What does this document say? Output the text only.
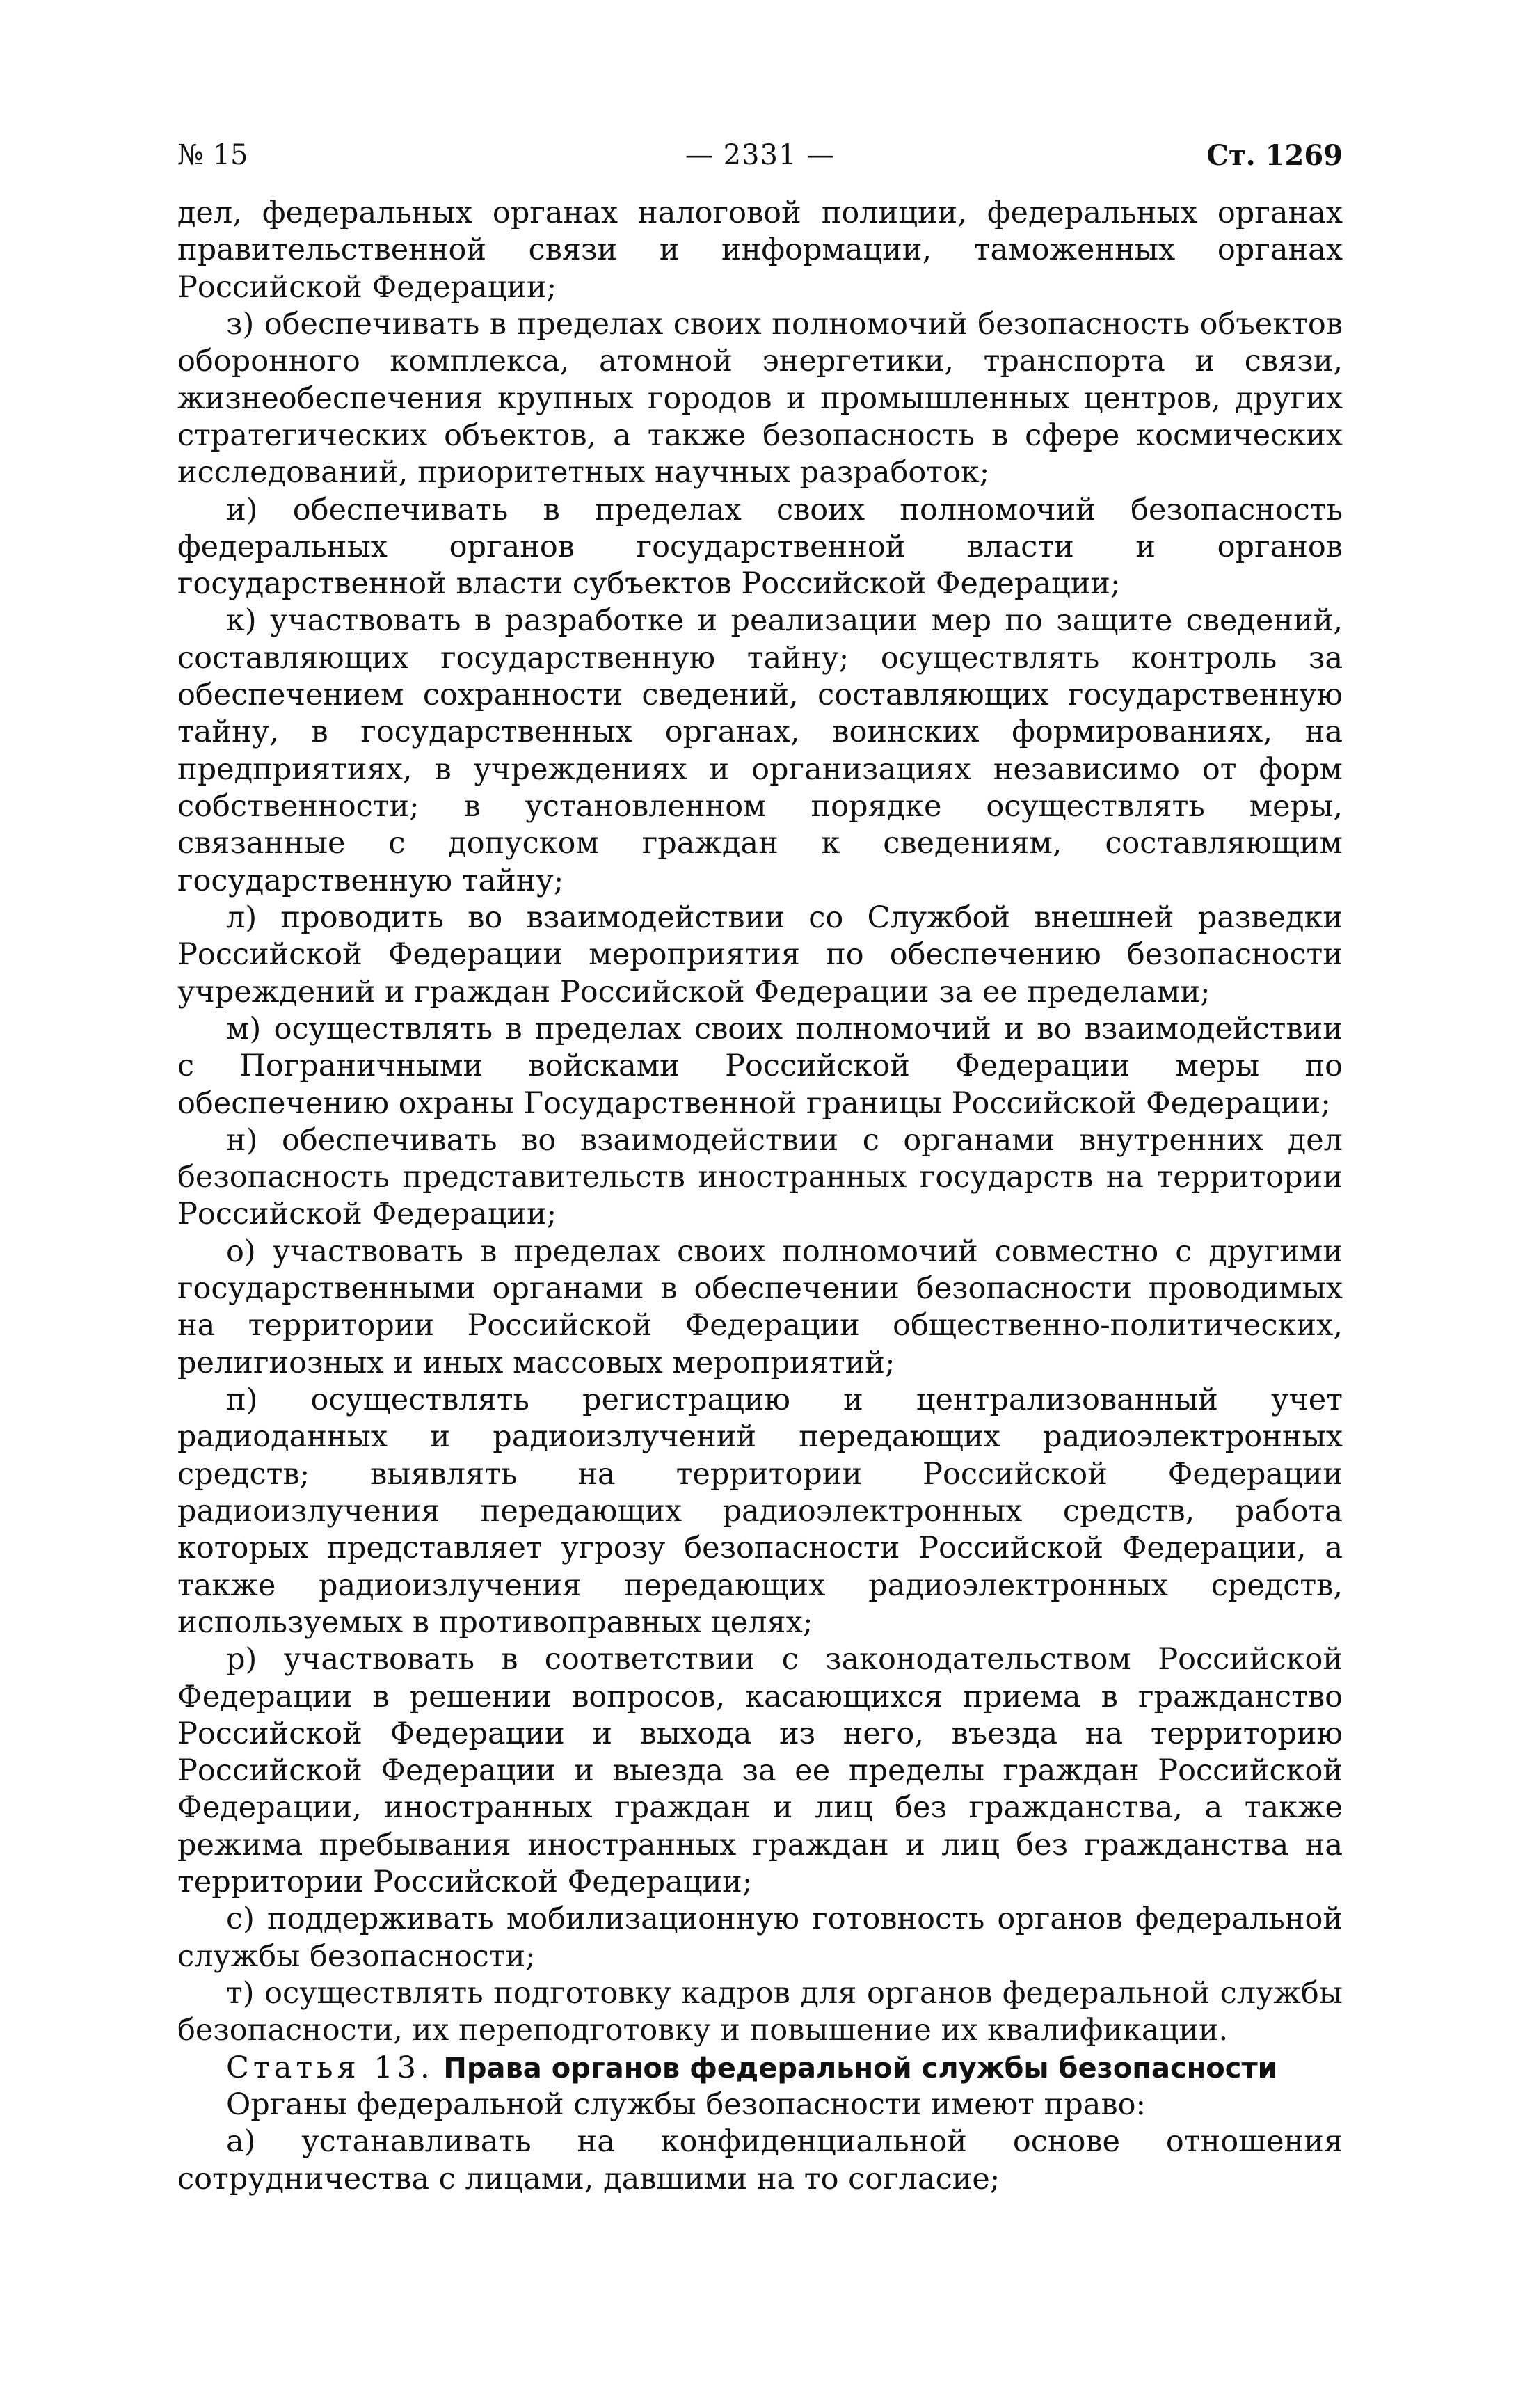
№ 15	— 2331 —	Ст. 1269

дел, федеральных органах налоговой полиции, федеральных органах правительственной связи и информации, таможенных органах Российской Федерации;

з) обеспечивать в пределах своих полномочий безопасность объектов оборонного комплекса, атомной энергетики, транспорта и связи, жизнеобеспечения крупных городов и промышленных центров, других стратегических объектов, а также безопасность в сфере космических исследований, приоритетных научных разработок;

и) обеспечивать в пределах своих полномочий безопасность федеральных органов государственной власти и органов государственной власти субъектов Российской Федерации;

к) участвовать в разработке и реализации мер по защите сведений, составляющих государственную тайну; осуществлять контроль за обеспечением сохранности сведений, составляющих государственную тайну, в государственных органах, воинских формированиях, на предприятиях, в учреждениях и организациях независимо от форм собственности; в установленном порядке осуществлять меры, связанные с допуском граждан к сведениям, составляющим государственную тайну;

л) проводить во взаимодействии со Службой внешней разведки Российской Федерации мероприятия по обеспечению безопасности учреждений и граждан Российской Федерации за ее пределами;

м) осуществлять в пределах своих полномочий и во взаимодействии с Пограничными войсками Российской Федерации меры по обеспечению охраны Государственной границы Российской Федерации;

н) обеспечивать во взаимодействии с органами внутренних дел безопасность представительств иностранных государств на территории Российской Федерации;

о) участвовать в пределах своих полномочий совместно с другими государственными органами в обеспечении безопасности проводимых на территории Российской Федерации общественно-политических, религиозных и иных массовых мероприятий;

п) осуществлять регистрацию и централизованный учет радиоданных и радиоизлучений передающих радиоэлектронных средств; выявлять на территории Российской Федерации радиоизлучения передающих радиоэлектронных средств, работа которых представляет угрозу безопасности Российской Федерации, а также радиоизлучения передающих радиоэлектронных средств, используемых в противоправных целях;

р) участвовать в соответствии с законодательством Российской Федерации в решении вопросов, касающихся приема в гражданство Российской Федерации и выхода из него, въезда на территорию Российской Федерации и выезда за ее пределы граждан Российской Федерации, иностранных граждан и лиц без гражданства, а также режима пребывания иностранных граждан и лиц без гражданства на территории Российской Федерации;

с) поддерживать мобилизационную готовность органов федеральной службы безопасности;

т) осуществлять подготовку кадров для органов федеральной службы безопасности, их переподготовку и повышение их квалификации.

Статья 13. Права органов федеральной службы безопасности

Органы федеральной службы безопасности имеют право:

а) устанавливать на конфиденциальной основе отношения сотрудничества с лицами, давшими на то согласие;
